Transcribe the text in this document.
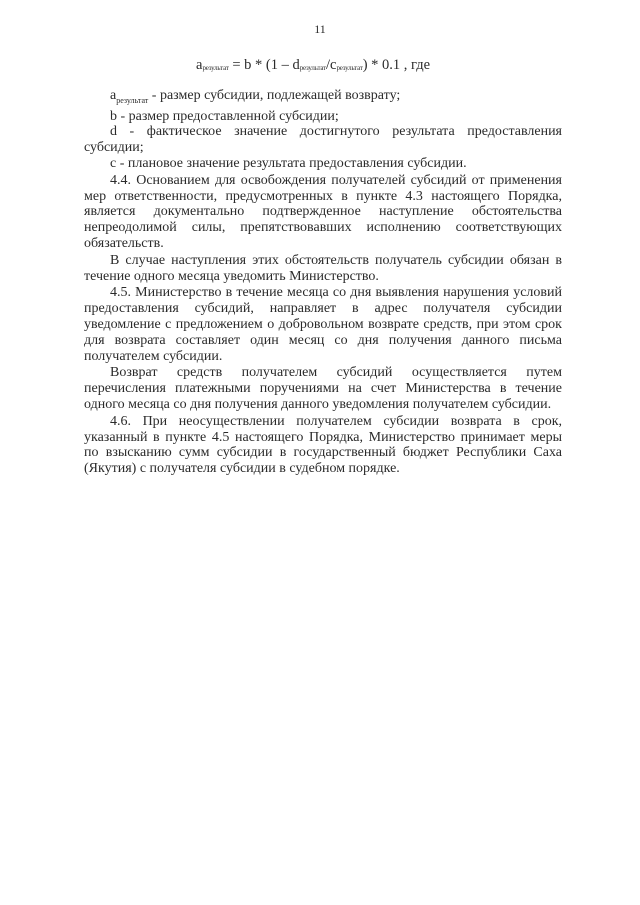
11
$a_{результат} = b * (1 - d_{результат}/c_{результат}) * 0.1$ , где

$a_{результат}$ - размер субсидии, подлежащей возврату;

b - размер предоставленной субсидии;

d - фактическое значение достигнутого результата предоставления субсидии;

c - плановое значение результата предоставления субсидии.

4.4. Основанием для освобождения получателей субсидий от применения мер ответственности, предусмотренных в пункте 4.3 настоящего Порядка, является документально подтвержденное наступление обстоятельства непреодолимой силы, препятствовавших исполнению соответствующих обязательств.

В случае наступления этих обстоятельств получатель субсидии обязан в течение одного месяца уведомить Министерство.

4.5. Министерство в течение месяца со дня выявления нарушения условий предоставления субсидий, направляет в адрес получателя субсидии уведомление с предложением о добровольном возврате средств, при этом срок для возврата составляет один месяц со дня получения данного письма получателем субсидии.

Возврат средств получателем субсидий осуществляется путем перечисления платежными поручениями на счет Министерства в течение одного месяца со дня получения данного уведомления получателем субсидии.

4.6. При неосуществлении получателем субсидии возврата в срок, указанный в пункте 4.5 настоящего Порядка, Министерство принимает меры по взысканию сумм субсидии в государственный бюджет Республики Саха (Якутия) с получателя субсидии в судебном порядке.
